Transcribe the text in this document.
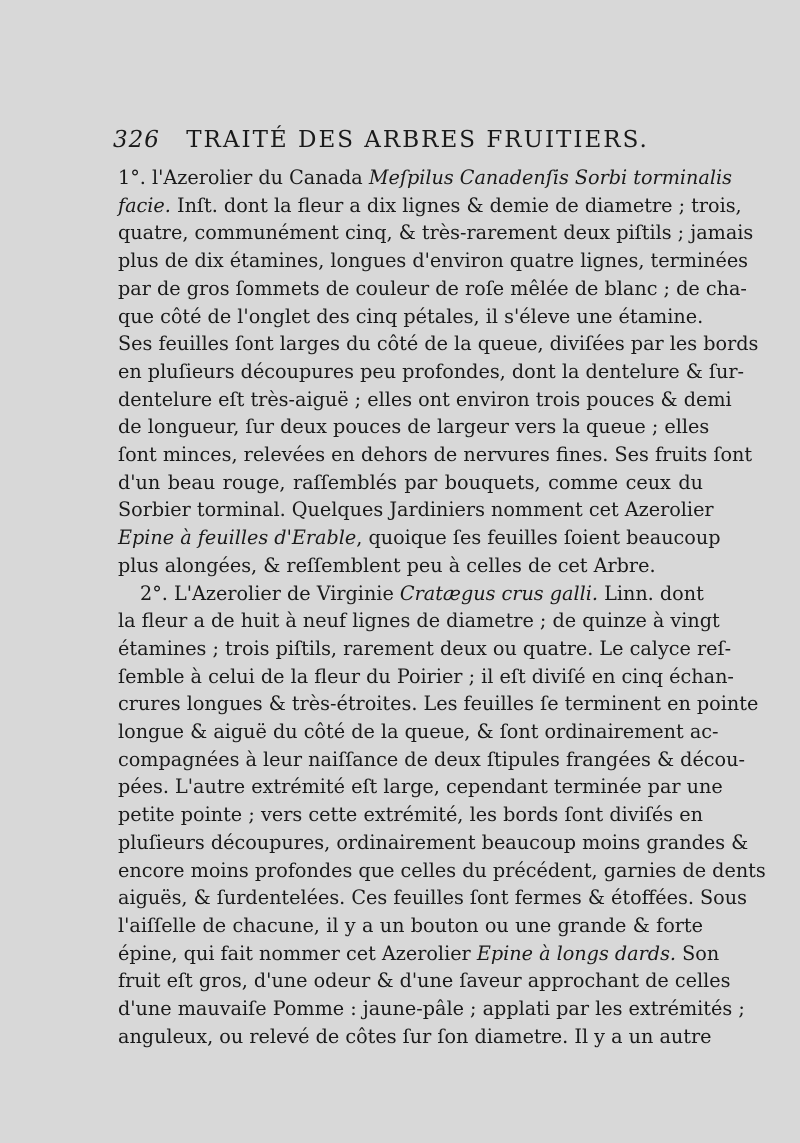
326 TRAITÉ DES ARBRES FRUITIERS.
1°. l'Azerolier du Canada Meſpilus Canadenſis Sorbi torminalis
facie. Inſt. dont la fleur a dix lignes & demie de diametre ; trois,
quatre, communément cinq, & très-rarement deux piſtils ; jamais
plus de dix étamines, longues d'environ quatre lignes, terminées
par de gros ſommets de couleur de roſe mêlée de blanc ; de cha-
que côté de l'onglet des cinq pétales, il s'éleve une étamine.
Ses feuilles ſont larges du côté de la queue, diviſées par les bords
en pluſieurs découpures peu profondes, dont la dentelure & ſur-
dentelure eſt très-aiguë ; elles ont environ trois pouces & demi
de longueur, ſur deux pouces de largeur vers la queue ; elles
ſont minces, relevées en dehors de nervures fines. Ses fruits ſont
d'un beau rouge, raſſemblés par bouquets, comme ceux du
Sorbier torminal. Quelques Jardiniers nomment cet Azerolier
Epine à feuilles d'Erable, quoique ſes feuilles ſoient beaucoup
plus alongées, & reſſemblent peu à celles de cet Arbre.
2°. L'Azerolier de Virginie Cratægus crus galli. Linn. dont
la fleur a de huit à neuf lignes de diametre ; de quinze à vingt
étamines ; trois piſtils, rarement deux ou quatre. Le calyce reſ-
ſemble à celui de la fleur du Poirier ; il eſt diviſé en cinq échan-
crures longues & très-étroites. Les feuilles ſe terminent en pointe
longue & aiguë du côté de la queue, & ſont ordinairement ac-
compagnées à leur naiſſance de deux ſtipules frangées & décou-
pées. L'autre extrémité eſt large, cependant terminée par une
petite pointe ; vers cette extrémité, les bords ſont diviſés en
pluſieurs découpures, ordinairement beaucoup moins grandes &
encore moins profondes que celles du précédent, garnies de dents
aiguës, & ſurdentelées. Ces feuilles ſont fermes & étoffées. Sous
l'aiſſelle de chacune, il y a un bouton ou une grande & forte
épine, qui fait nommer cet Azerolier Epine à longs dards. Son
fruit eſt gros, d'une odeur & d'une ſaveur approchant de celles
d'une mauvaiſe Pomme : jaune-pâle ; applati par les extrémités ;
anguleux, ou relevé de côtes ſur ſon diametre. Il y a un autre
